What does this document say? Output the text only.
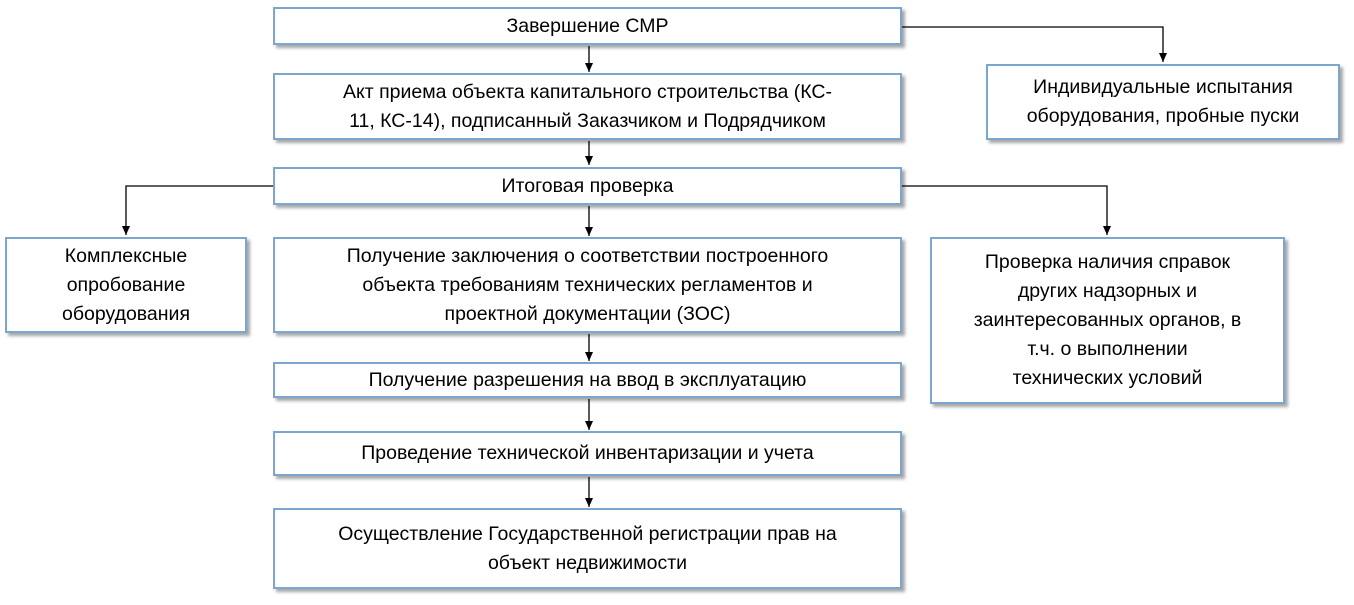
Завершение СМР
Акт приема объекта капитального строительства (КС-
11, КС-14), подписанный Заказчиком и Подрядчиком
Итоговая проверка
Получение заключения о соответствии построенного
объекта требованиям технических регламентов и
проектной документации (ЗОС)
Получение разрешения на ввод в эксплуатацию
Проведение технической инвентаризации и учета
Осуществление Государственной регистрации прав на
объект недвижимости
Индивидуальные испытания
оборудования, пробные пуски
Комплексные
опробование
оборудования
Проверка наличия справок
других надзорных и
заинтересованных органов, в
т.ч. о выполнении
технических условий
